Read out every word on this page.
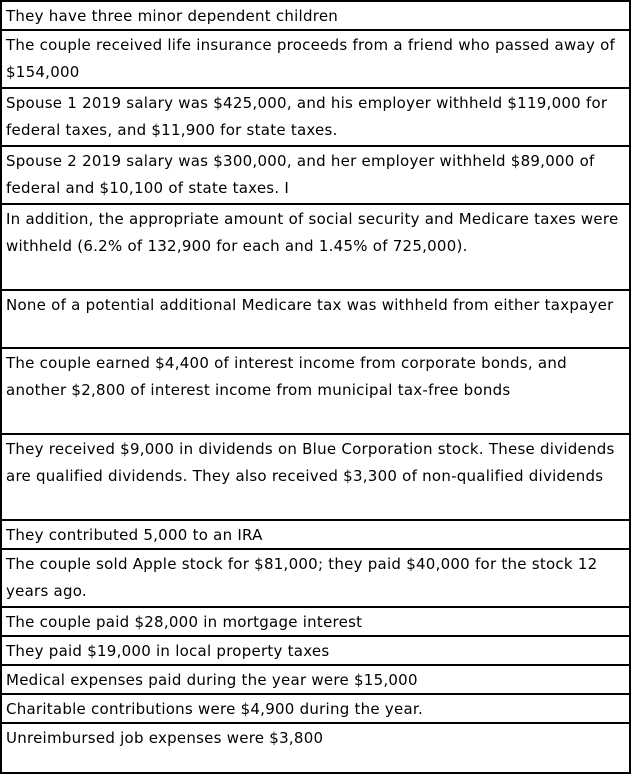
They have three minor dependent children
The couple received life insurance proceeds from a friend who passed away of $154,000
Spouse 1 2019 salary was $425,000, and his employer withheld $119,000 for federal taxes, and $11,900 for state taxes.
Spouse 2 2019 salary was $300,000, and her employer withheld $89,000 of federal and $10,100 of state taxes. I
In addition, the appropriate amount of social security and Medicare taxes were withheld (6.2% of 132,900 for each and 1.45% of 725,000).
None of a potential additional Medicare tax was withheld from either taxpayer
The couple earned $4,400 of interest income from corporate bonds, and another $2,800 of interest income from municipal tax-free bonds
They received $9,000 in dividends on Blue Corporation stock. These dividends are qualified dividends. They also received $3,300 of non-qualified dividends
They contributed 5,000 to an IRA
The couple sold Apple stock for $81,000; they paid $40,000 for the stock 12 years ago.
The couple paid $28,000 in mortgage interest
They paid $19,000 in local property taxes
Medical expenses paid during the year were $15,000
Charitable contributions were $4,900 during the year.
Unreimbursed job expenses were $3,800
